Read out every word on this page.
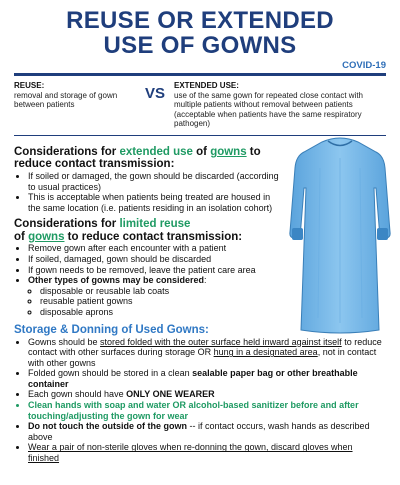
REUSE OR EXTENDED
USE OF GOWNS
COVID-19
REUSE:
removal and storage of gown between patients
VS	EXTENDED USE:
use of the same gown for repeated close contact with multiple patients without removal between patients
(acceptable when patients have the same respiratory pathogen)
Considerations for extended use of gowns to reduce contact transmission:
• If soiled or damaged, the gown should be discarded (according to usual practices)
• This is acceptable when patients being treated are housed in the same location (i.e. patients residing in an isolation cohort)
Considerations for limited reuse
of gowns to reduce contact transmission:
• Remove gown after each encounter with a patient
• If soiled, damaged, gown should be discarded
• If gown needs to be removed, leave the patient care area
• Other types of gowns may be considered:
◦ disposable or reusable lab coats
◦ reusable patient gowns
◦ disposable aprons
Storage & Donning of Used Gowns:
• Gowns should be stored folded with the outer surface held inward against itself to reduce contact with other surfaces during storage OR hung in a designated area, not in contact with other gowns
• Folded gown should be stored in a clean sealable paper bag or other breathable container
• Each gown should have ONLY ONE WEARER
• Clean hands with soap and water OR alcohol-based sanitizer before and after touching/adjusting the gown for wear
• Do not touch the outside of the gown -- if contact occurs, wash hands as described above
• Wear a pair of non-sterile gloves when re-donning the gown, discard gloves when finished
